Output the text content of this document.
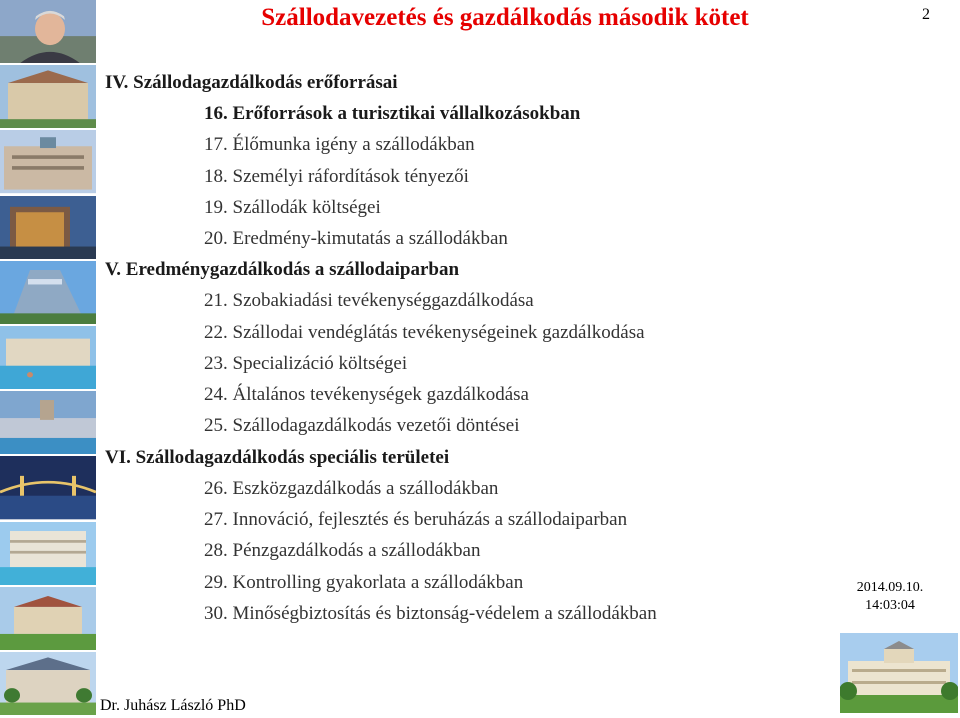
Szállodavezetés és gazdálkodás második kötet	2
IV. Szállodagazdálkodás erőforrásai
16. Erőforrások a turisztikai vállalkozásokban
17. Élőmunka igény a szállodákban
18. Személyi ráfordítások tényezői
19. Szállodák költségei
20. Eredmény-kimutatás a szállodákban
V. Eredménygazdálkodás a szállodaiparban
21. Szobakiadási tevékenységgazdálkodása
22. Szállodai vendéglátás tevékenységeinek gazdálkodása
23. Specializáció költségei
24. Általános tevékenységek gazdálkodása
25. Szállodagazdálkodás vezetői döntései
VI. Szállodagazdálkodás speciális területei
26. Eszközgazdálkodás a szállodákban
27. Innováció, fejlesztés és beruházás a szállodaiparban
28. Pénzgazdálkodás a szállodákban
29. Kontrolling gyakorlata a szállodákban
30. Minőségbiztosítás és biztonság-védelem a szállodákban
2014.09.10.
14:03:04
Dr. Juhász László PhD
